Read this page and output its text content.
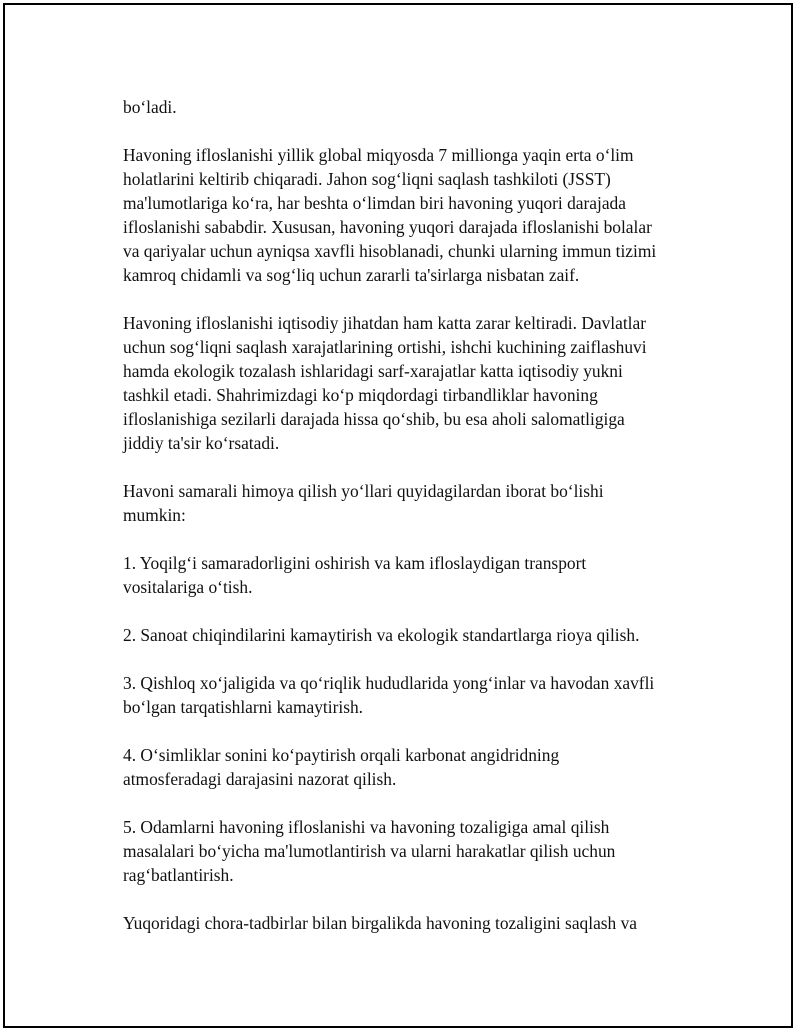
bo‘ladi.

Havoning ifloslanishi yillik global miqyosda 7 millionga yaqin erta o‘lim
holatlarini keltirib chiqaradi. Jahon sog‘liqni saqlash tashkiloti (JSST)
ma'lumotlariga ko‘ra, har beshta o‘limdan biri havoning yuqori darajada
ifloslanishi sababdir. Xususan, havoning yuqori darajada ifloslanishi bolalar
va qariyalar uchun ayniqsa xavfli hisoblanadi, chunki ularning immun tizimi
kamroq chidamli va sog‘liq uchun zararli ta'sirlarga nisbatan zaif.

Havoning ifloslanishi iqtisodiy jihatdan ham katta zarar keltiradi. Davlatlar
uchun sog‘liqni saqlash xarajatlarining ortishi, ishchi kuchining zaiflashuvi
hamda ekologik tozalash ishlaridagi sarf-xarajatlar katta iqtisodiy yukni
tashkil etadi. Shahrimizdagi ko‘p miqdordagi tirbandliklar havoning
ifloslanishiga sezilarli darajada hissa qo‘shib, bu esa aholi salomatligiga
jiddiy ta'sir ko‘rsatadi.

Havoni samarali himoya qilish yo‘llari quyidagilardan iborat bo‘lishi
mumkin:

1. Yoqilg‘i samaradorligini oshirish va kam ifloslaydigan transport
vositalariga o‘tish.

2. Sanoat chiqindilarini kamaytirish va ekologik standartlarga rioya qilish.

3. Qishloq xo‘jaligida va qo‘riqlik hududlarida yong‘inlar va havodan xavfli
bo‘lgan tarqatishlarni kamaytirish.

4. O‘simliklar sonini ko‘paytirish orqali karbonat angidridning
atmosferadagi darajasini nazorat qilish.

5. Odamlarni havoning ifloslanishi va havoning tozaligiga amal qilish
masalalari bo‘yicha ma'lumotlantirish va ularni harakatlar qilish uchun
rag‘batlantirish.

Yuqoridagi chora-tadbirlar bilan birgalikda havoning tozaligini saqlash va
